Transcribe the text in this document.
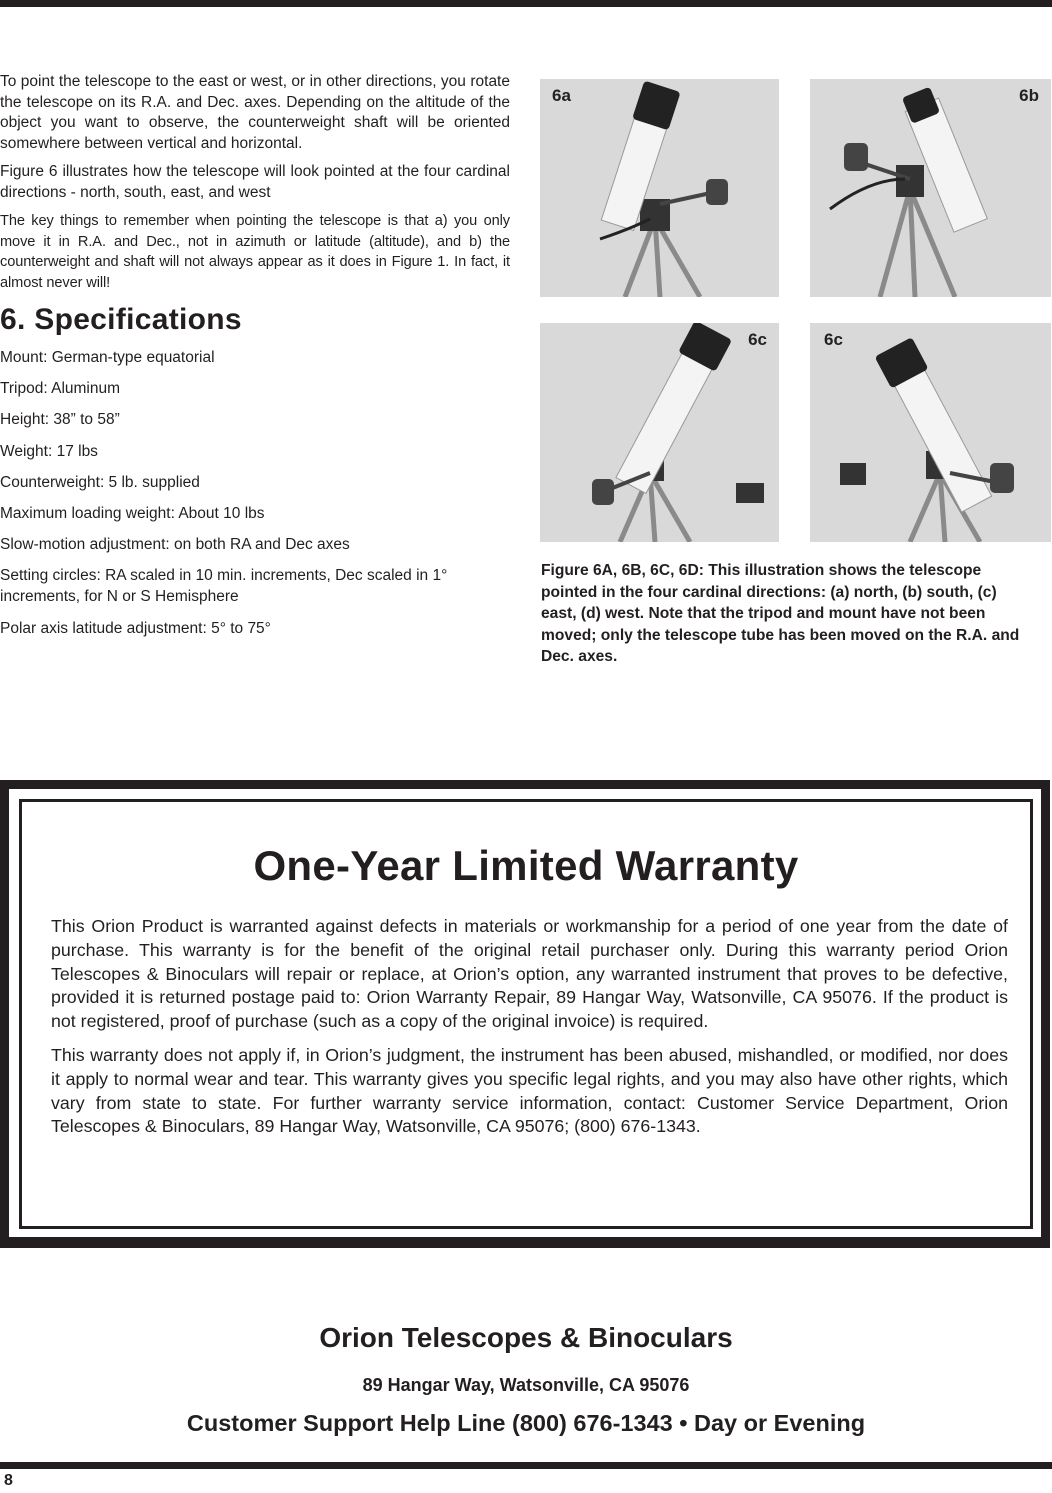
To point the telescope to the east or west, or in other directions, you rotate the telescope on its R.A. and Dec. axes. Depending on the altitude of the object you want to observe, the counterweight shaft will be oriented somewhere between vertical and horizontal.

Figure 6 illustrates how the telescope will look pointed at the four cardinal directions - north, south, east, and west

The key things to remember when pointing the telescope is that a) you only move it in R.A. and Dec., not in azimuth or latitude (altitude), and b) the counterweight and shaft will not always appear as it does in Figure 1. In fact, it almost never will!

6. Specifications
Mount: German-type equatorial
Tripod: Aluminum
Height: 38” to 58”
Weight: 17 lbs
Counterweight: 5 lb. supplied
Maximum loading weight: About 10 lbs
Slow-motion adjustment: on both RA and Dec axes
Setting circles: RA scaled in 10 min. increments, Dec scaled in 1° increments, for N or S Hemisphere
Polar axis latitude adjustment: 5° to 75°
6a	6b
6c	6c

Figure 6A, 6B, 6C, 6D: This illustration shows the telescope pointed in the four cardinal directions: (a) north, (b) south, (c) east, (d) west. Note that the tripod and mount have not been moved; only the telescope tube has been moved on the R.A. and Dec. axes.

One-Year Limited Warranty

This Orion Product is warranted against defects in materials or workmanship for a period of one year from the date of purchase. This warranty is for the benefit of the original retail purchaser only. During this warranty period Orion Telescopes & Binoculars will repair or replace, at Orion’s option, any warranted instrument that proves to be defective, provided it is returned postage paid to: Orion Warranty Repair, 89 Hangar Way, Watsonville, CA 95076. If the product is not registered, proof of purchase (such as a copy of the original invoice) is required.

This warranty does not apply if, in Orion’s judgment, the instrument has been abused, mishandled, or modified, nor does it apply to normal wear and tear. This warranty gives you specific legal rights, and you may also have other rights, which vary from state to state. For further warranty service information, contact: Customer Service Department, Orion Telescopes & Binoculars, 89 Hangar Way, Watsonville, CA 95076; (800) 676-1343.

Orion Telescopes & Binoculars

89 Hangar Way, Watsonville, CA 95076

Customer Support Help Line (800) 676-1343 • Day or Evening

8
